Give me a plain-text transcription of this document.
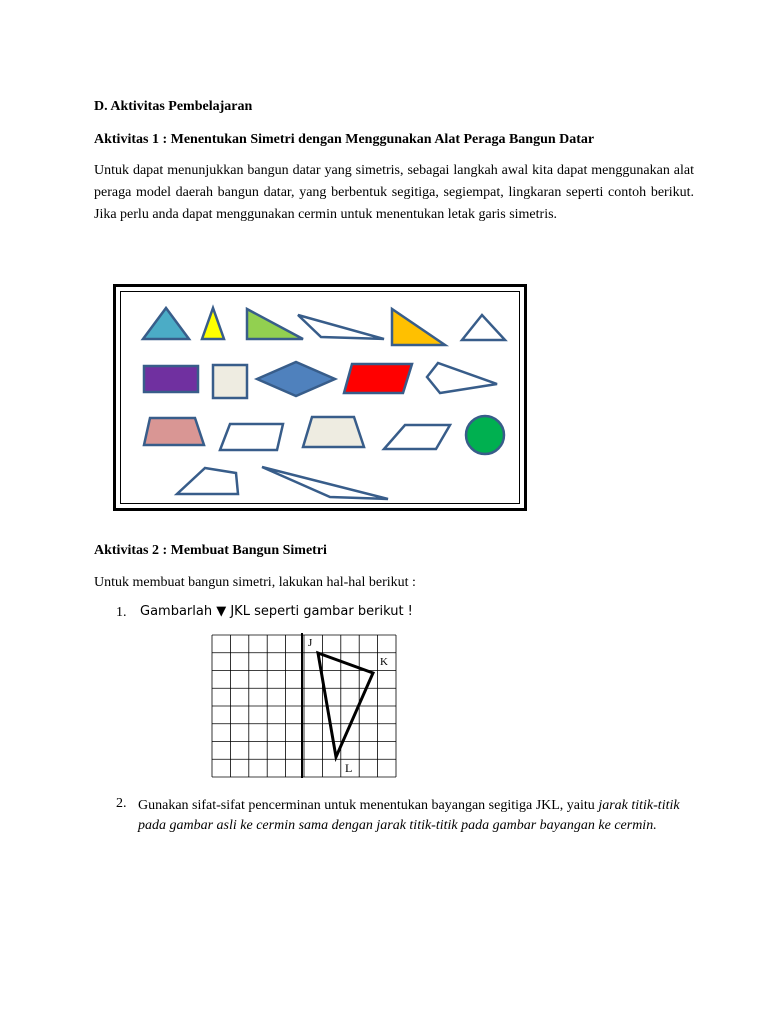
D. Aktivitas Pembelajaran
Aktivitas 1 : Menentukan Simetri dengan Menggunakan Alat Peraga Bangun Datar
Untuk dapat menunjukkan bangun datar yang simetris, sebagai langkah awal kita dapat menggunakan alat peraga model daerah bangun datar, yang berbentuk segitiga, segiempat, lingkaran seperti contoh berikut. Jika perlu anda dapat menggunakan cermin untuk menentukan letak garis simetris.
Aktivitas 2 : Membuat Bangun Simetri
Untuk membuat bangun simetri, lakukan hal-hal berikut :
1. Gambarlah ▼ JKL seperti gambar berikut !
J
K
L
2. Gunakan sifat-sifat pencerminan untuk menentukan bayangan segitiga JKL, yaitu jarak titik-titik pada gambar asli ke cermin sama dengan jarak titik-titik pada gambar bayangan ke cermin.
